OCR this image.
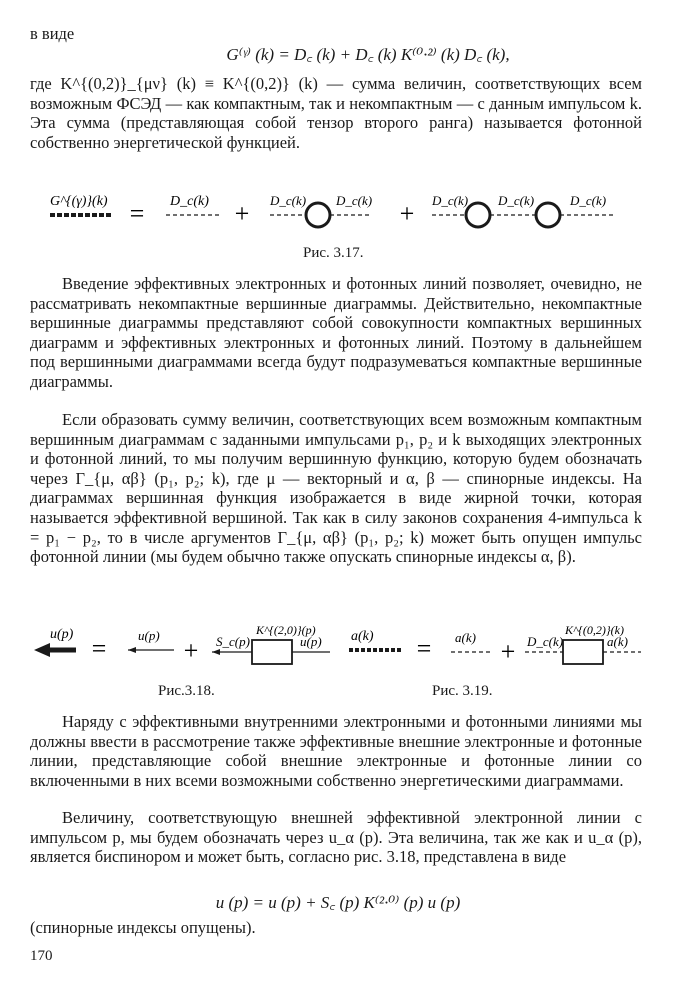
в виде
G⁽ᵞ⁾ (k) = D꜀ (k) + D꜀ (k) K⁽⁰·²⁾ (k) D꜀ (k),

где K^{(0,2)}_{μν} (k) ≡ K^{(0,2)} (k) — сумма величин, соответствующих всем возможным ФСЭД — как компактным, так и некомпактным — с данным импульсом k. Эта сумма (представляющая собой тензор второго ранга) называется фотонной собственно энергетической функцией.

G^{(γ)}(k) = D_c(k) + D_c(k) D_c(k) + D_c(k) D_c(k)	D_c(k)
Рис. 3.17.

Введение эффективных электронных и фотонных линий позволяет, очевидно, не рассматривать некомпактные вершинные диаграммы. Действительно, некомпактные вершинные диаграммы представляют собой совокупности компактных вершинных диаграмм и эффективных электронных и фотонных линий. Поэтому в дальнейшем под вершинными диаграммами всегда будут подразумеваться компактные вершинные диаграммы.

Если образовать сумму величин, соответствующих всем возможным компактным вершинным диаграммам с заданными импульсами p₁, p₂ и k выходящих электронных и фотонной линий, то мы получим вершинную функцию, которую будем обозначать через Γ_{μ, αβ} (p₁, p₂; k), где μ — векторный и α, β — спинорные индексы. На диаграммах вершинная функция изображается в виде жирной точки, которая называется эффективной вершиной. Так как в силу законов сохранения 4-импульса k = p₁ − p₂, то в числе аргументов Γ_{μ, αβ} (p₁, p₂; k) может быть опущен импульс фотонной линии (мы будем обычно также опускать спинорные индексы α, β).

u(p) = u(p)
+ S_c(p)
K^{(2,0)}(p)
u(p)
Рис.3.18.
a(k) = a(k) + D_c(k)
K^{(0,2)}(k)
a(k)
Рис. 3.19.

Наряду с эффективными внутренними электронными и фотонными линиями мы должны ввести в рассмотрение также эффективные внешние электронные и фотонные линии, представляющие собой внешние электронные и фотонные линии со включенными в них всеми возможными собственно энергетическими диаграммами.

Величину, соответствующую внешней эффективной электронной линии с импульсом p, мы будем обозначать через u_α (p). Эта величина, так же как и u_α (p), является биспинором и может быть, согласно рис. 3.18, представлена в виде

u (p) = u (p) + S꜀ (p) K⁽²·⁰⁾ (p) u (p)
(спинорные индексы опущены).
170
